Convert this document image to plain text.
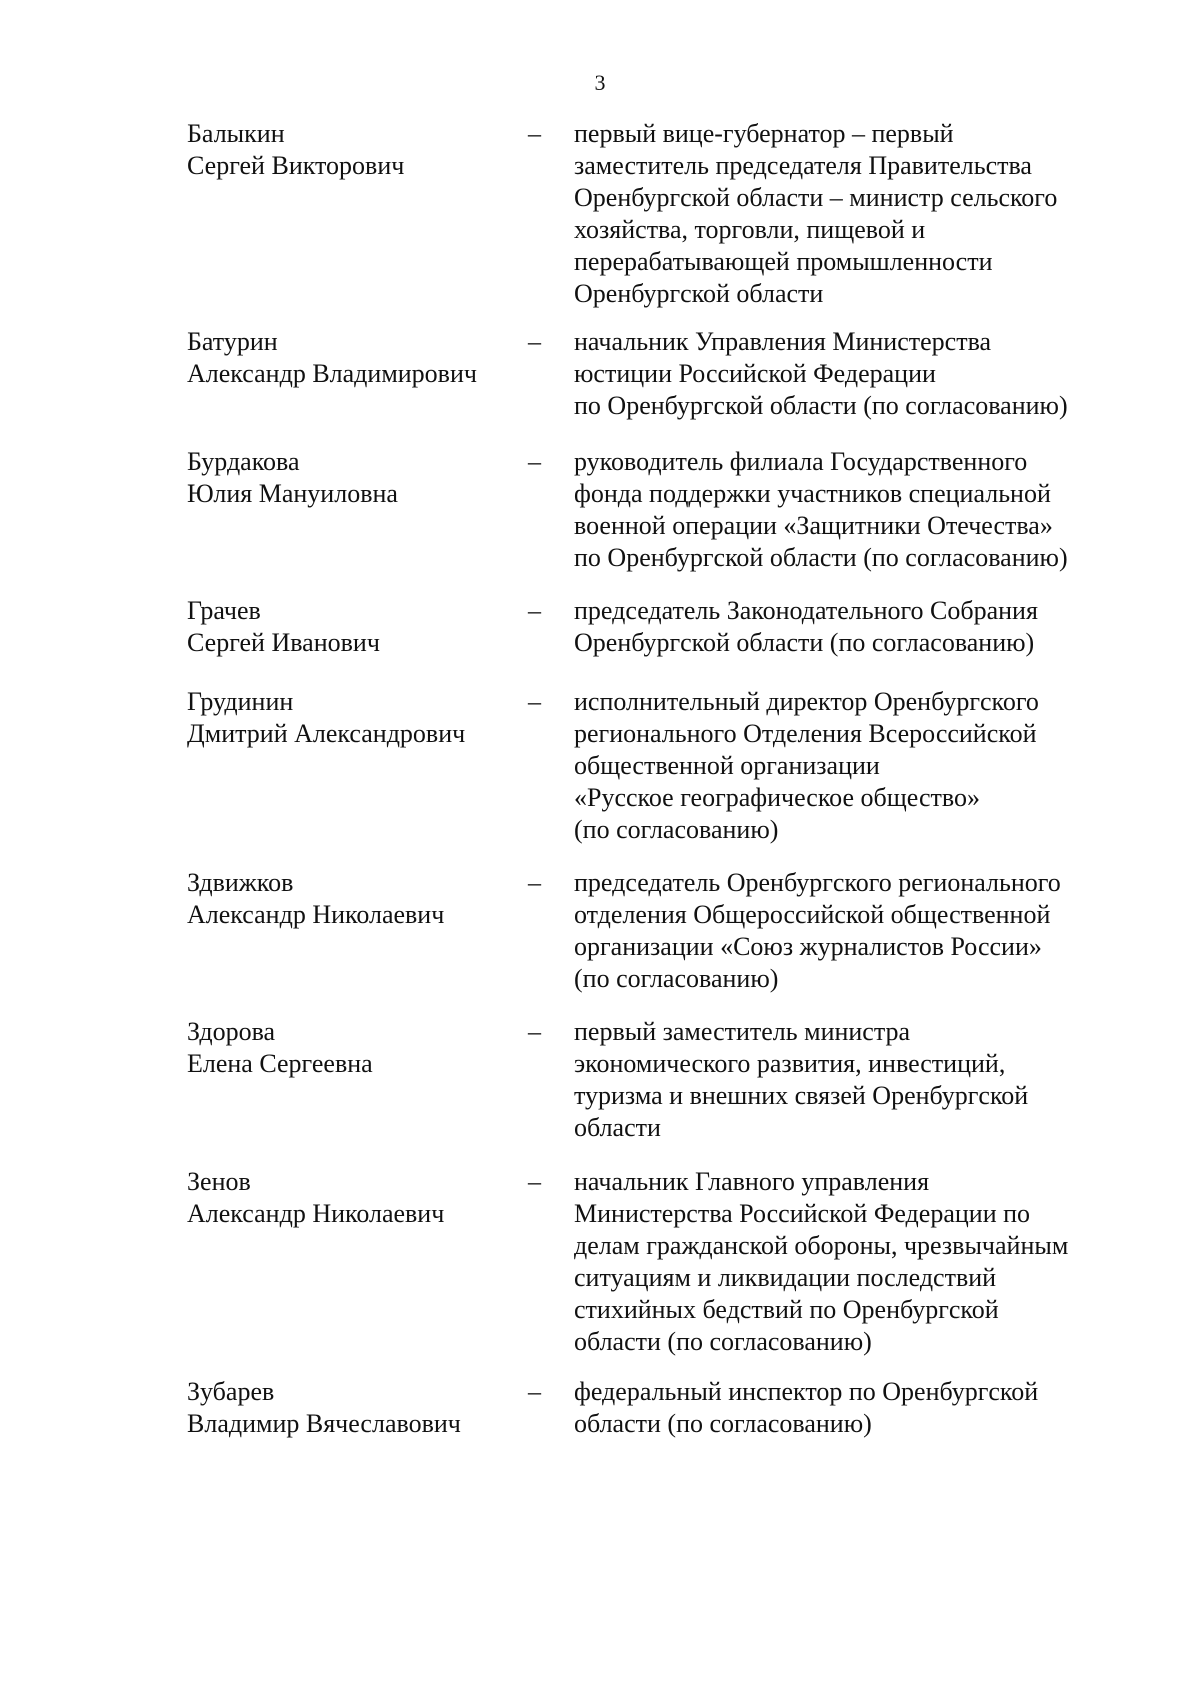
3
Балыкин
Сергей Викторович
–	первый вице-губернатор – первый
заместитель председателя Правительства
Оренбургской области – министр сельского
хозяйства, торговли, пищевой и
перерабатывающей промышленности
Оренбургской области
Батурин
Александр Владимирович
–	начальник Управления Министерства
юстиции Российской Федерации
по Оренбургской области (по согласованию)
Бурдакова
Юлия Мануиловна
–	руководитель филиала Государственного
фонда поддержки участников специальной
военной операции «Защитники Отечества»
по Оренбургской области (по согласованию)
Грачев
Сергей Иванович
–	председатель Законодательного Собрания
Оренбургской области (по согласованию)
Грудинин
Дмитрий Александрович
–	исполнительный директор Оренбургского
регионального Отделения Всероссийской
общественной организации
«Русское географическое общество»
(по согласованию)
Здвижков
Александр Николаевич
–	председатель Оренбургского регионального
отделения Общероссийской общественной
организации «Союз журналистов России»
(по согласованию)
Здорова
Елена Сергеевна
–	первый заместитель министра
экономического развития, инвестиций,
туризма и внешних связей Оренбургской
области
Зенов
Александр Николаевич
–	начальник Главного управления
Министерства Российской Федерации по
делам гражданской обороны, чрезвычайным
ситуациям и ликвидации последствий
стихийных бедствий по Оренбургской
области (по согласованию)
Зубарев
Владимир Вячеславович
–	федеральный инспектор по Оренбургской
области (по согласованию)
